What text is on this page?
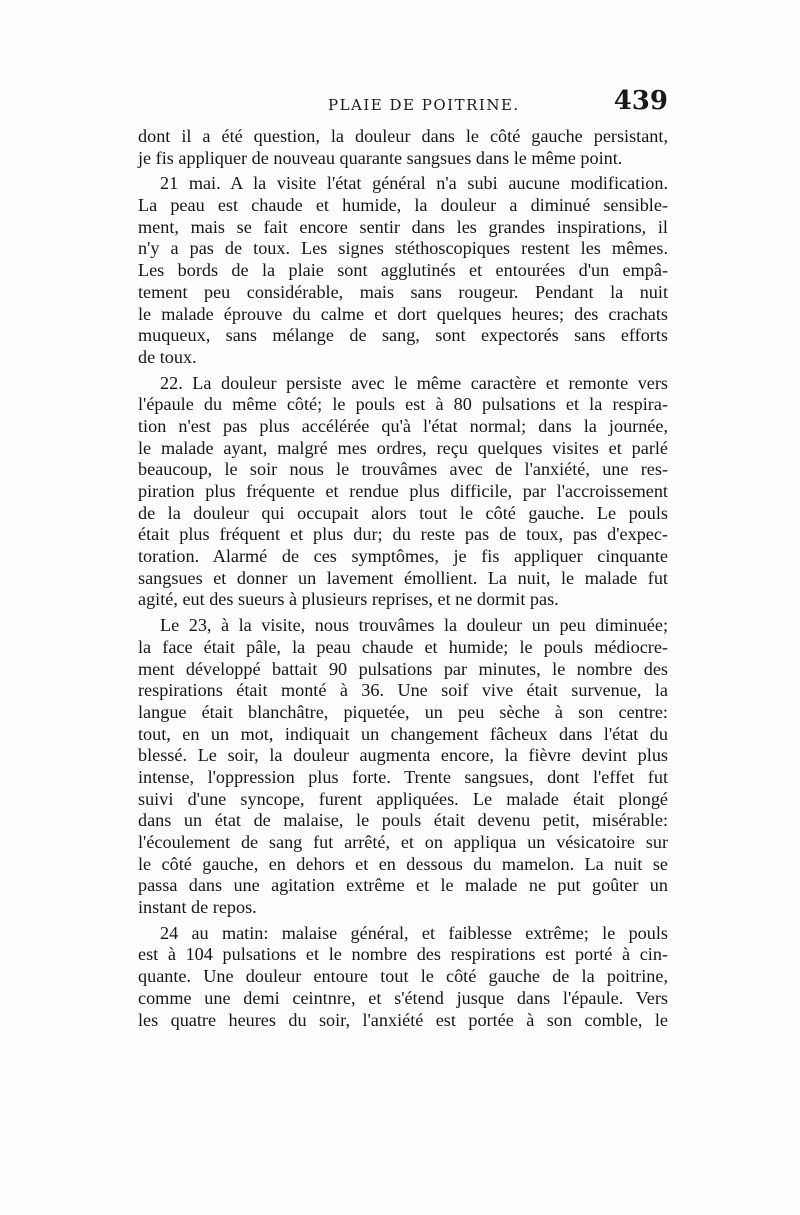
PLAIE DE POITRINE.	439
dont il a été question, la douleur dans le côté gauche persistant,
je fis appliquer de nouveau quarante sangsues dans le même point.
21 mai. A la visite l'état général n'a subi aucune modification.
La peau est chaude et humide, la douleur a diminué sensible-
ment, mais se fait encore sentir dans les grandes inspirations, il
n'y a pas de toux. Les signes stéthoscopiques restent les mêmes.
Les bords de la plaie sont agglutinés et entourées d'un empâ-
tement peu considérable, mais sans rougeur. Pendant la nuit
le malade éprouve du calme et dort quelques heures; des crachats
muqueux, sans mélange de sang, sont expectorés sans efforts
de toux.
22. La douleur persiste avec le même caractère et remonte vers
l'épaule du même côté; le pouls est à 80 pulsations et la respira-
tion n'est pas plus accélérée qu'à l'état normal; dans la journée,
le malade ayant, malgré mes ordres, reçu quelques visites et parlé
beaucoup, le soir nous le trouvâmes avec de l'anxiété, une res-
piration plus fréquente et rendue plus difficile, par l'accroissement
de la douleur qui occupait alors tout le côté gauche. Le pouls
était plus fréquent et plus dur; du reste pas de toux, pas d'expec-
toration. Alarmé de ces symptômes, je fis appliquer cinquante
sangsues et donner un lavement émollient. La nuit, le malade fut
agité, eut des sueurs à plusieurs reprises, et ne dormit pas.
Le 23, à la visite, nous trouvâmes la douleur un peu diminuée;
la face était pâle, la peau chaude et humide; le pouls médiocre-
ment développé battait 90 pulsations par minutes, le nombre des
respirations était monté à 36. Une soif vive était survenue, la
langue était blanchâtre, piquetée, un peu sèche à son centre:
tout, en un mot, indiquait un changement fâcheux dans l'état du
blessé. Le soir, la douleur augmenta encore, la fièvre devint plus
intense, l'oppression plus forte. Trente sangsues, dont l'effet fut
suivi d'une syncope, furent appliquées. Le malade était plongé
dans un état de malaise, le pouls était devenu petit, misérable:
l'écoulement de sang fut arrêté, et on appliqua un vésicatoire sur
le côté gauche, en dehors et en dessous du mamelon. La nuit se
passa dans une agitation extrême et le malade ne put goûter un
instant de repos.
24 au matin: malaise général, et faiblesse extrême; le pouls
est à 104 pulsations et le nombre des respirations est porté à cin-
quante. Une douleur entoure tout le côté gauche de la poitrine,
comme une demi ceintnre, et s'étend jusque dans l'épaule. Vers
les quatre heures du soir, l'anxiété est portée à son comble, le
